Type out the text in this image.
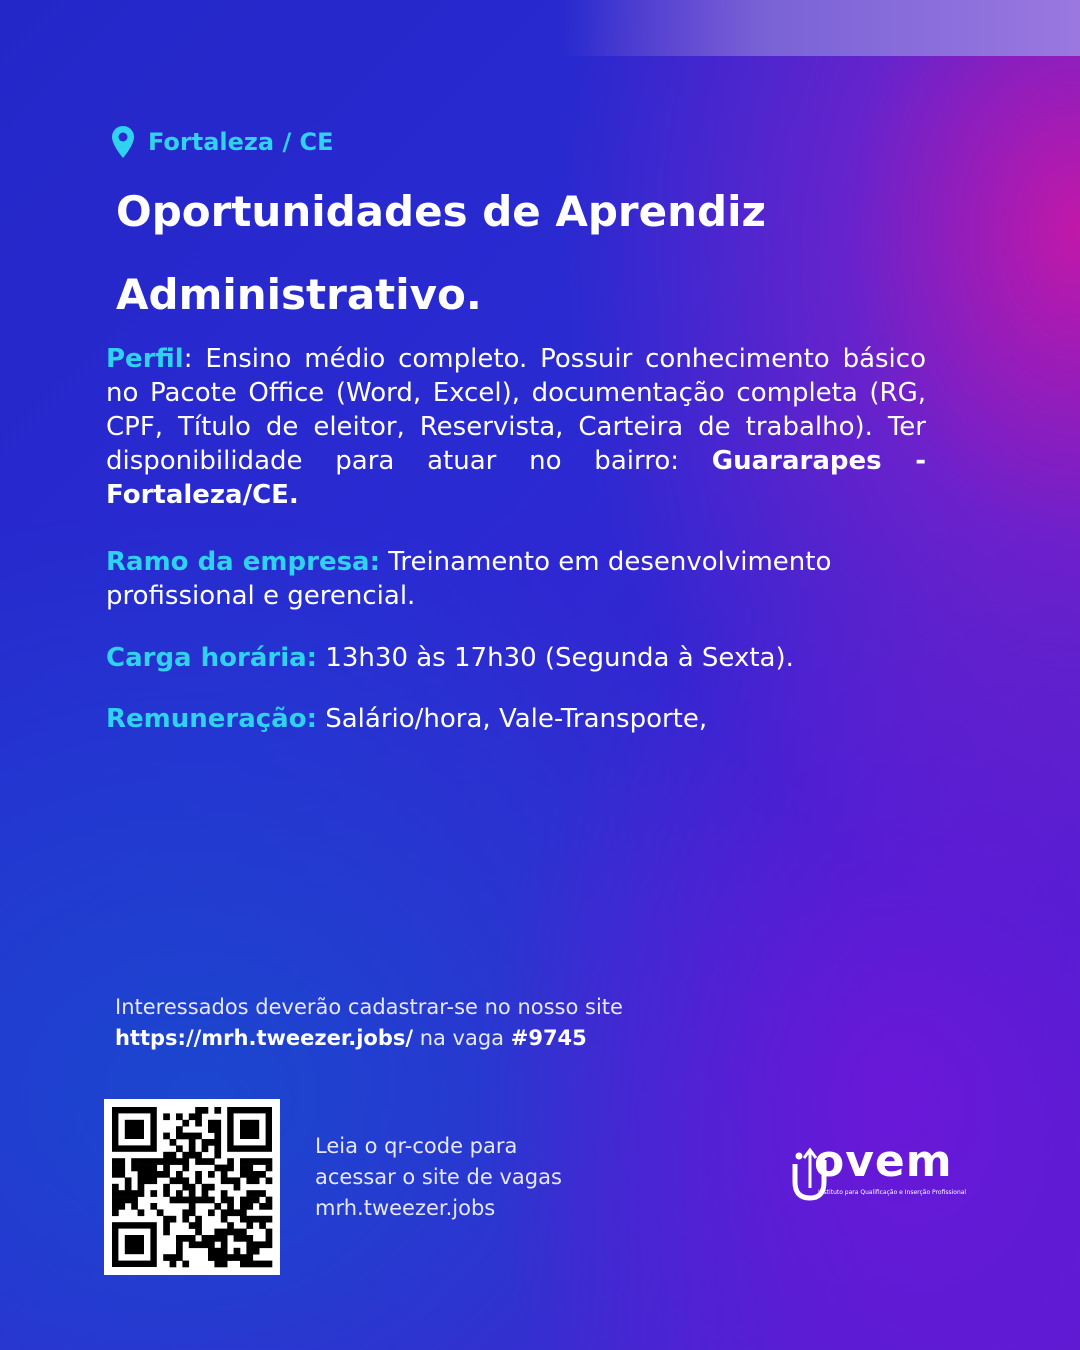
Fortaleza / CE
Oportunidades de Aprendiz
Administrativo.
Perfil: Ensino médio completo. Possuir conhecimento básico no Pacote Office (Word, Excel), documentação completa (RG, CPF, Título de eleitor, Reservista, Carteira de trabalho). Ter disponibilidade para atuar no bairro: Guararapes - Fortaleza/CE.
Ramo da empresa: Treinamento em desenvolvimento profissional e gerencial.
Carga horária: 13h30 às 17h30 (Segunda à Sexta).
Remuneração: Salário/hora, Vale-Transporte,
Interessados deverão cadastrar-se no nosso site
https://mrh.tweezer.jobs/ na vaga #9745
Leia o qr-code para
acessar o site de vagas
mrh.tweezer.jobs
ovem
Instituto para Qualificação e Inserção Profissional
